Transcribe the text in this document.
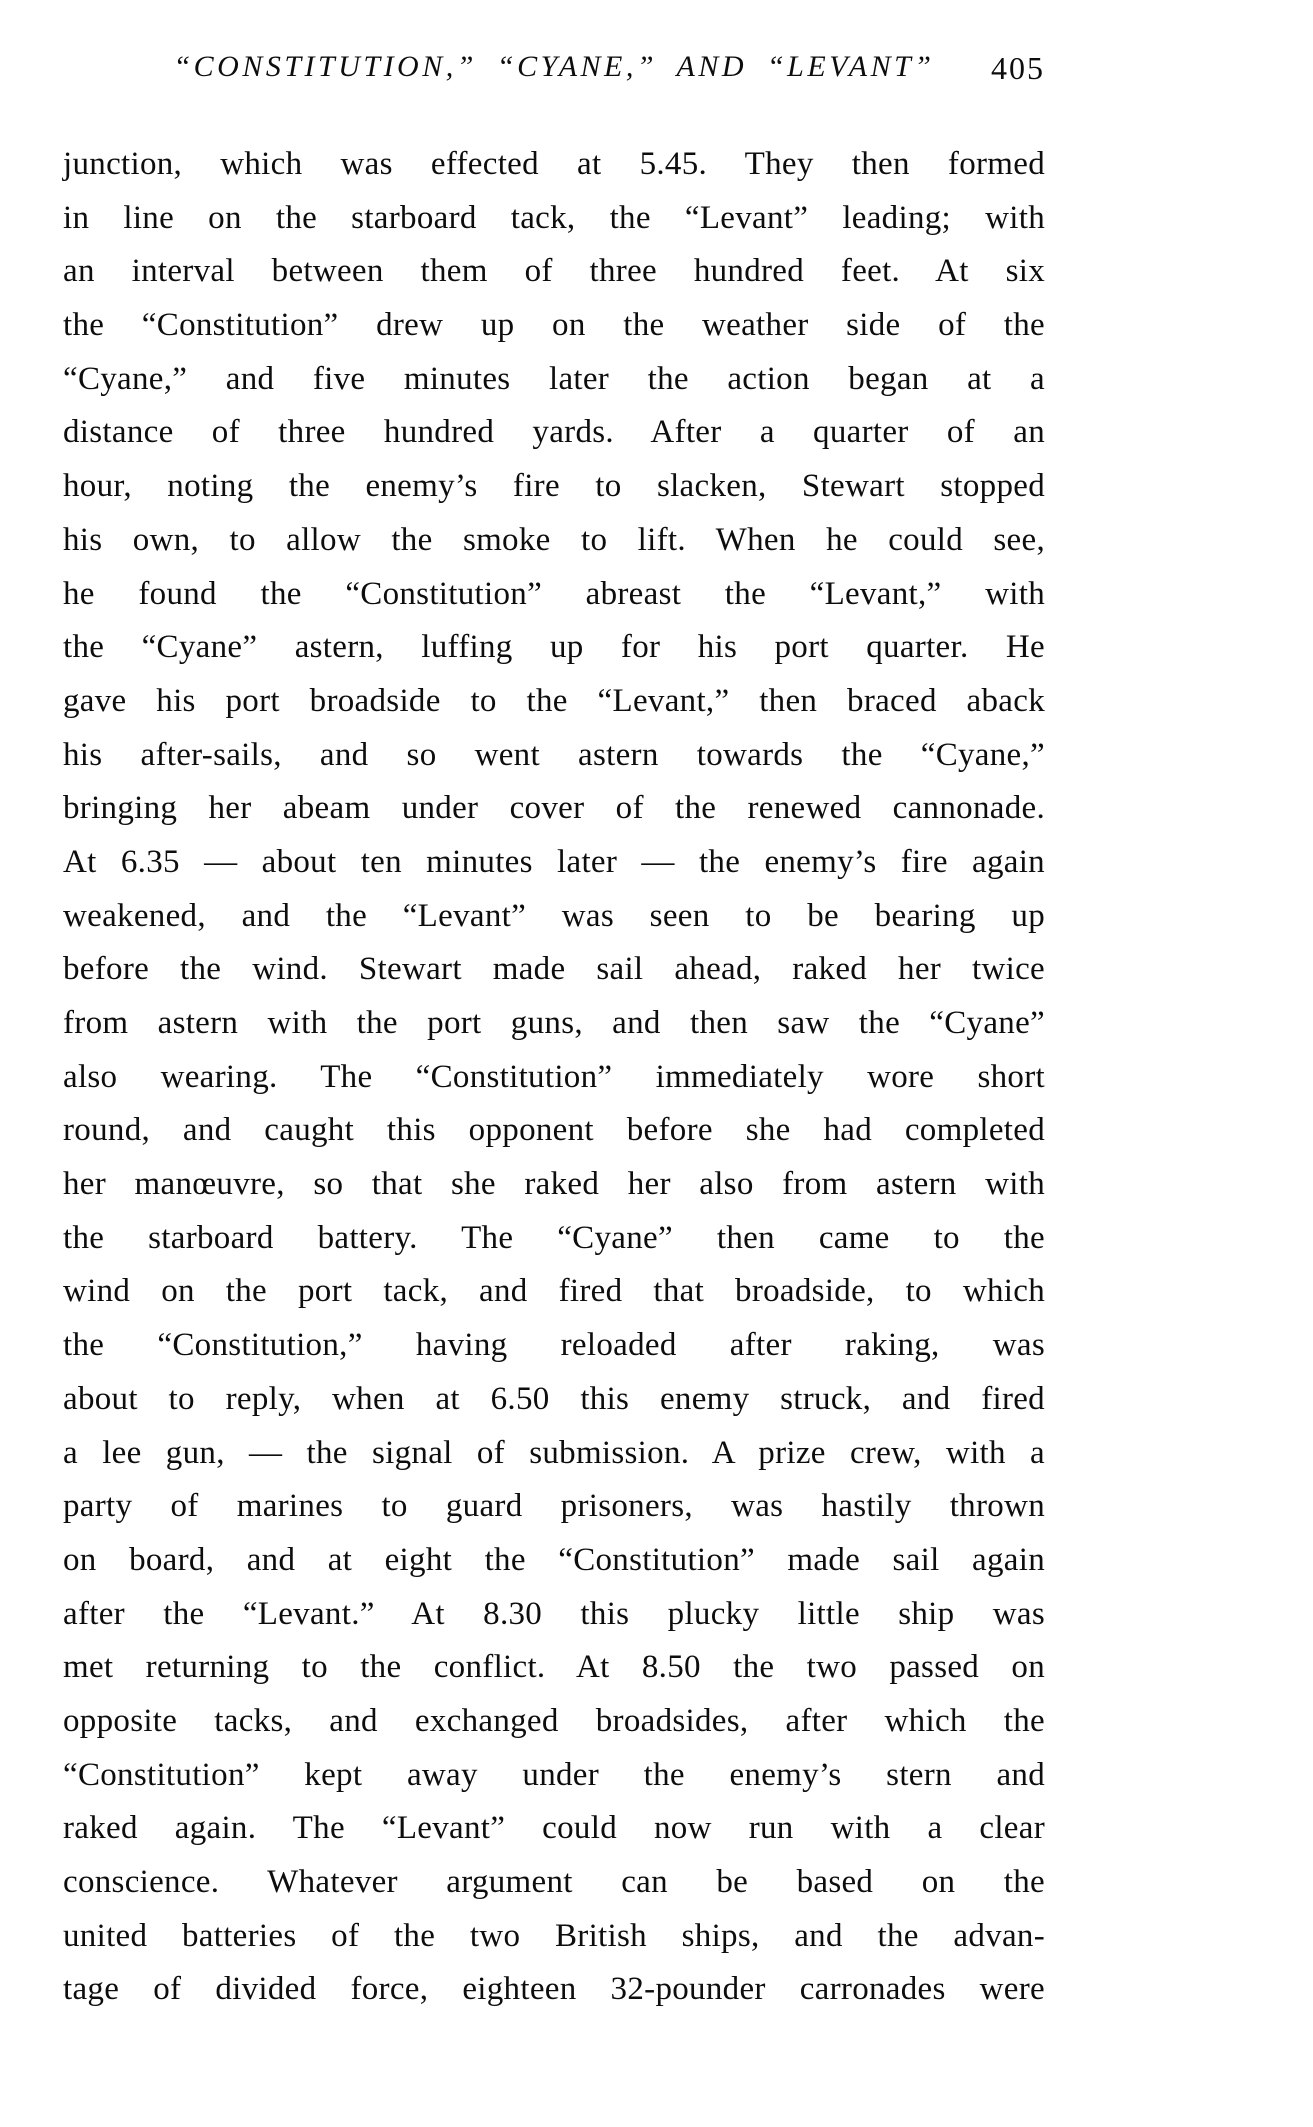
“CONSTITUTION,” “CYANE,” AND “LEVANT”	405
junction, which was effected at 5.45. They then formed
in line on the starboard tack, the “Levant” leading; with
an interval between them of three hundred feet. At six
the “Constitution” drew up on the weather side of the
“Cyane,” and five minutes later the action began at a
distance of three hundred yards. After a quarter of an
hour, noting the enemy’s fire to slacken, Stewart stopped
his own, to allow the smoke to lift. When he could see,
he found the “Constitution” abreast the “Levant,” with
the “Cyane” astern, luffing up for his port quarter. He
gave his port broadside to the “Levant,” then braced aback
his after-sails, and so went astern towards the “Cyane,”
bringing her abeam under cover of the renewed cannonade.
At 6.35 — about ten minutes later — the enemy’s fire again
weakened, and the “Levant” was seen to be bearing up
before the wind. Stewart made sail ahead, raked her twice
from astern with the port guns, and then saw the “Cyane”
also wearing. The “Constitution” immediately wore short
round, and caught this opponent before she had completed
her manœuvre, so that she raked her also from astern with
the starboard battery. The “Cyane” then came to the
wind on the port tack, and fired that broadside, to which
the “Constitution,” having reloaded after raking, was
about to reply, when at 6.50 this enemy struck, and fired
a lee gun, — the signal of submission. A prize crew, with a
party of marines to guard prisoners, was hastily thrown
on board, and at eight the “Constitution” made sail again
after the “Levant.” At 8.30 this plucky little ship was
met returning to the conflict. At 8.50 the two passed on
opposite tacks, and exchanged broadsides, after which the
“Constitution” kept away under the enemy’s stern and
raked again. The “Levant” could now run with a clear
conscience. Whatever argument can be based on the
united batteries of the two British ships, and the advan-
tage of divided force, eighteen 32-pounder carronades were
